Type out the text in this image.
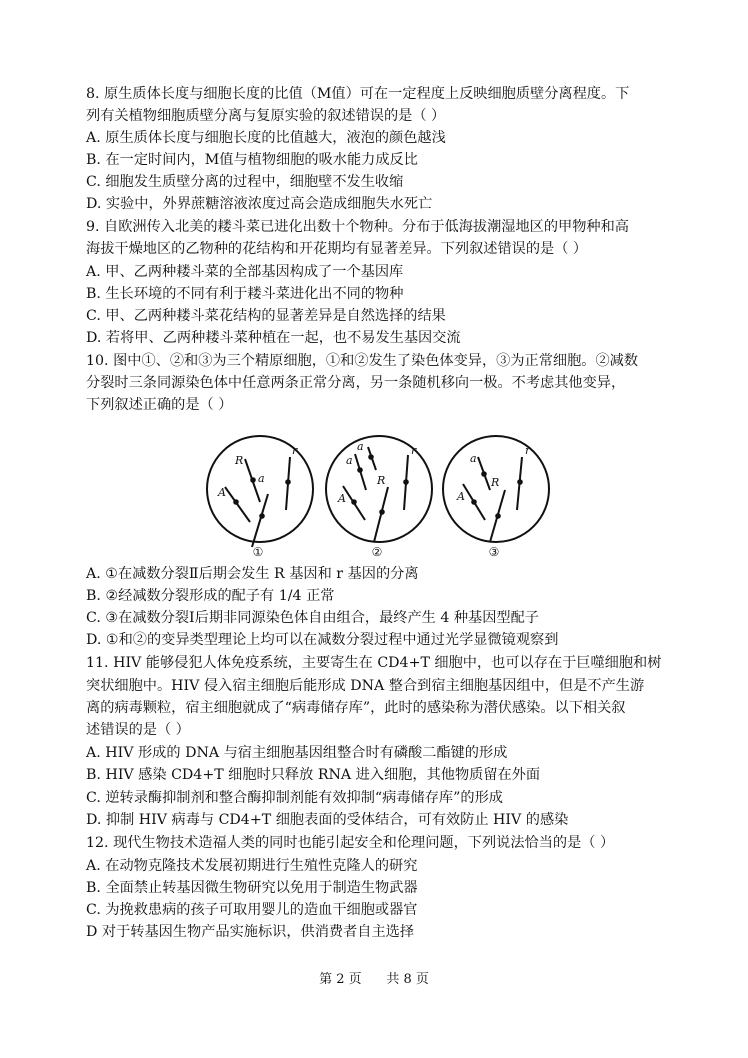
8. 原生质体长度与细胞长度的比值（M值）可在一定程度上反映细胞质壁分离程度。下
列有关植物细胞质壁分离与复原实验的叙述错误的是（ ）
A. 原生质体长度与细胞长度的比值越大，液泡的颜色越浅
B. 在一定时间内，M值与植物细胞的吸水能力成反比
C. 细胞发生质壁分离的过程中，细胞壁不发生收缩
D. 实验中，外界蔗糖溶液浓度过高会造成细胞失水死亡
9. 自欧洲传入北美的耧斗菜已进化出数十个物种。分布于低海拔潮湿地区的甲物种和高
海拔干燥地区的乙物种的花结构和开花期均有显著差异。下列叙述错误的是（ ）
A. 甲、乙两种耧斗菜的全部基因构成了一个基因库
B. 生长环境的不同有利于耧斗菜进化出不同的物种
C. 甲、乙两种耧斗菜花结构的显著差异是自然选择的结果
D. 若将甲、乙两种耧斗菜种植在一起，也不易发生基因交流
10. 图中①、②和③为三个精原细胞，①和②发生了染色体变异，③为正常细胞。②减数
分裂时三条同源染色体中任意两条正常分离，另一条随机移向一极。不考虑其他变异，
下列叙述正确的是（ ）
R
A
a
r
a
a
A
R
r
a
A
R
r
①	②	③
A. ①在减数分裂Ⅱ后期会发生 R 基因和 r 基因的分离
B. ②经减数分裂形成的配子有 1/4 正常
C. ③在减数分裂Ⅰ后期非同源染色体自由组合，最终产生 4 种基因型配子
D. ①和②的变异类型理论上均可以在减数分裂过程中通过光学显微镜观察到
11. HIV 能够侵犯人体免疫系统，主要寄生在 CD4+T 细胞中，也可以存在于巨噬细胞和树
突状细胞中。HIV 侵入宿主细胞后能形成 DNA 整合到宿主细胞基因组中，但是不产生游
离的病毒颗粒，宿主细胞就成了“病毒储存库”，此时的感染称为潜伏感染。以下相关叙
述错误的是（ ）
A. HIV 形成的 DNA 与宿主细胞基因组整合时有磷酸二酯键的形成
B. HIV 感染 CD4+T 细胞时只释放 RNA 进入细胞，其他物质留在外面
C. 逆转录酶抑制剂和整合酶抑制剂能有效抑制“病毒储存库”的形成
D. 抑制 HIV 病毒与 CD4+T 细胞表面的受体结合，可有效防止 HIV 的感染
12. 现代生物技术造福人类的同时也能引起安全和伦理问题，下列说法恰当的是（ ）
A. 在动物克隆技术发展初期进行生殖性克隆人的研究
B. 全面禁止转基因微生物研究以免用于制造生物武器
C. 为挽救患病的孩子可取用婴儿的造血干细胞或器官
D 对于转基因生物产品实施标识，供消费者自主选择
第 2 页      共 8 页
